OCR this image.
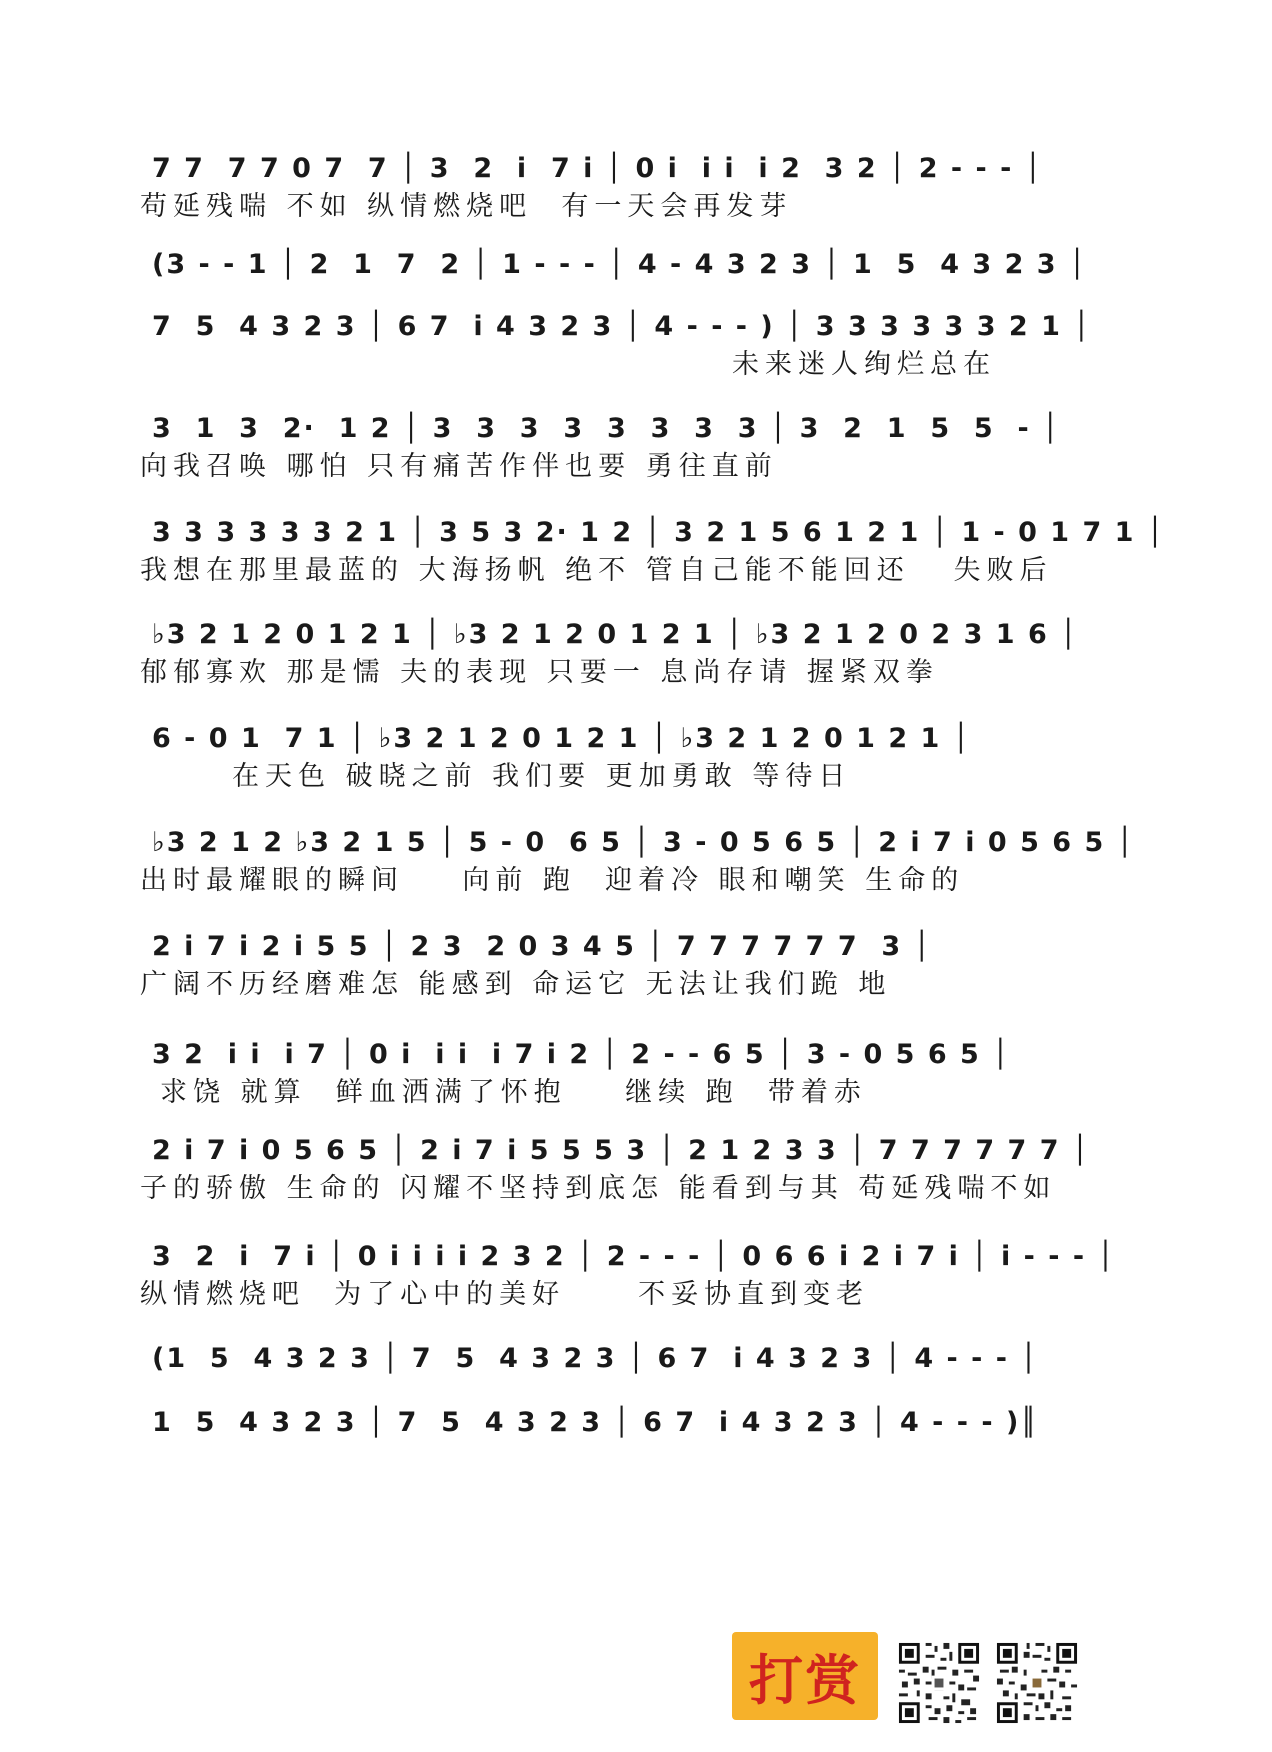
7 7  7 7 0 7  7 │ 3  2  i  7 i │ 0 i  i i  i 2  3 2 │ 2 - - - │
苟延残喘 不如 纵情燃烧吧  有一天会再发芽
(3 - - 1 │ 2  1  7  2 │ 1 - - - │ 4 - 4 3 2 3 │ 1  5  4 3 2 3 │
7  5  4 3 2 3 │ 6 7  i 4 3 2 3 │ 4 - - - ) │ 3 3 3 3 3 3 2 1 │
未来迷人绚烂总在
3  1  3  2·  1 2 │ 3  3  3  3  3  3  3  3 │ 3  2  1  5  5  - │
向我召唤 哪怕 只有痛苦作伴也要 勇往直前
3 3 3 3 3 3 2 1 │ 3 5 3 2· 1 2 │ 3 2 1 5 6 1 2 1 │ 1 - 0 1 7 1 │
我想在那里最蓝的 大海扬帆 绝不 管自己能不能回还   失败后
♭3 2 1 2 0 1 2 1 │ ♭3 2 1 2 0 1 2 1 │ ♭3 2 1 2 0 2 3 1 6 │
郁郁寡欢 那是懦 夫的表现 只要一 息尚存请 握紧双拳
6 - 0 1  7 1 │ ♭3 2 1 2 0 1 2 1 │ ♭3 2 1 2 0 1 2 1 │
在天色 破晓之前 我们要 更加勇敢 等待日
♭3 2 1 2 ♭3 2 1 5 │ 5 - 0  6 5 │ 3 - 0 5 6 5 │ 2 i 7 i 0 5 6 5 │
出时最耀眼的瞬间    向前 跑  迎着冷 眼和嘲笑 生命的
2 i 7 i 2 i 5 5 │ 2 3  2 0 3 4 5 │ 7 7 7 7 7 7  3 │
广阔不历经磨难怎 能感到 命运它 无法让我们跪 地
3 2  i i  i 7 │ 0 i  i i  i 7 i 2 │ 2 - - 6 5 │ 3 - 0 5 6 5 │
求饶 就算  鲜血洒满了怀抱    继续 跑  带着赤
2 i 7 i 0 5 6 5 │ 2 i 7 i 5 5 5 3 │ 2 1 2 3 3 │ 7 7 7 7 7 7 │
子的骄傲 生命的 闪耀不坚持到底怎 能看到与其 苟延残喘不如
3  2  i  7 i │ 0 i i i i 2 3 2 │ 2 - - - │ 0 6 6 i 2 i 7 i │ i - - - │
纵情燃烧吧  为了心中的美好     不妥协直到变老
(1  5  4 3 2 3 │ 7  5  4 3 2 3 │ 6 7  i 4 3 2 3 │ 4 - - - │
1  5  4 3 2 3 │ 7  5  4 3 2 3 │ 6 7  i 4 3 2 3 │ 4 - - - )║
打赏
